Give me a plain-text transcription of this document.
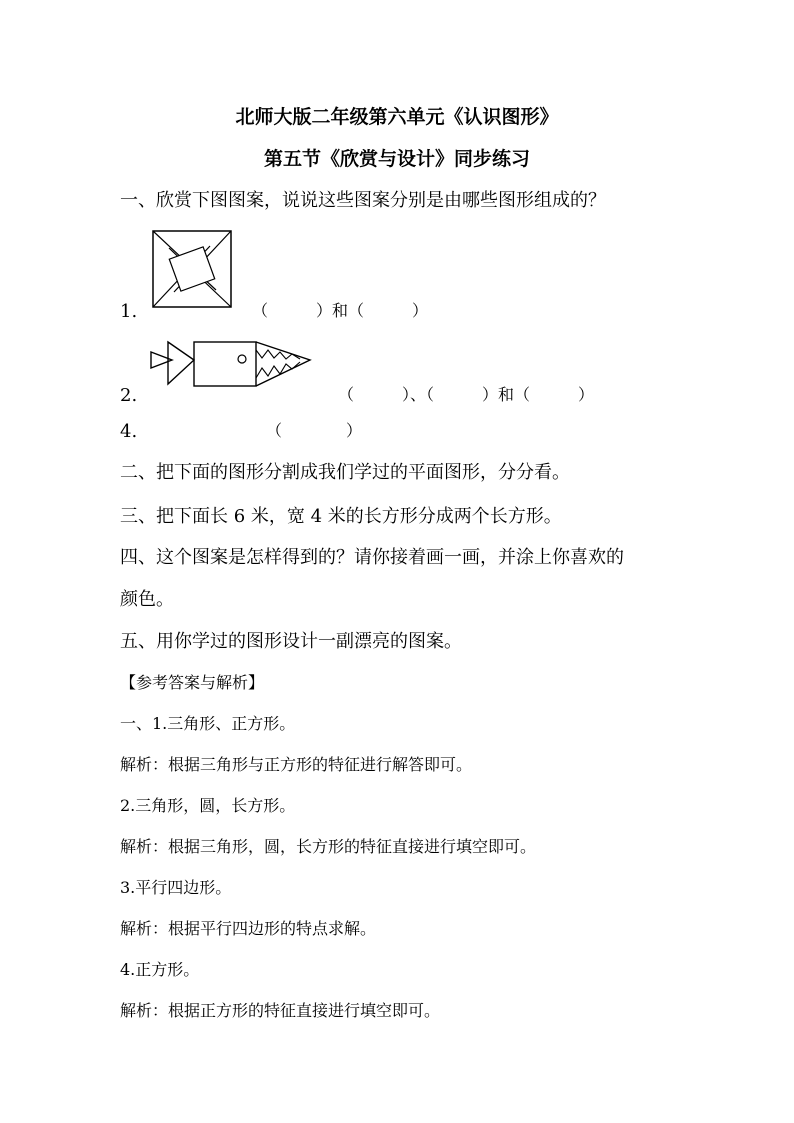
北师大版二年级第六单元《认识图形》
第五节《欣赏与设计》同步练习
一、欣赏下图图案，说说这些图案分别是由哪些图形组成的？
1.	（　　　）和（　　　）
2.	（　　　）、（　　　）和（　　　）
4.	（　　　　）
二、把下面的图形分割成我们学过的平面图形，分分看。
三、把下面长 6 米，宽 4 米的长方形分成两个长方形。
四、这个图案是怎样得到的？请你接着画一画，并涂上你喜欢的
颜色。
五、用你学过的图形设计一副漂亮的图案。
【参考答案与解析】
一、1.三角形、正方形。
解析：根据三角形与正方形的特征进行解答即可。
2.三角形，圆，长方形。
解析：根据三角形，圆，长方形的特征直接进行填空即可。
3.平行四边形。
解析：根据平行四边形的特点求解。
4.正方形。
解析：根据正方形的特征直接进行填空即可。
